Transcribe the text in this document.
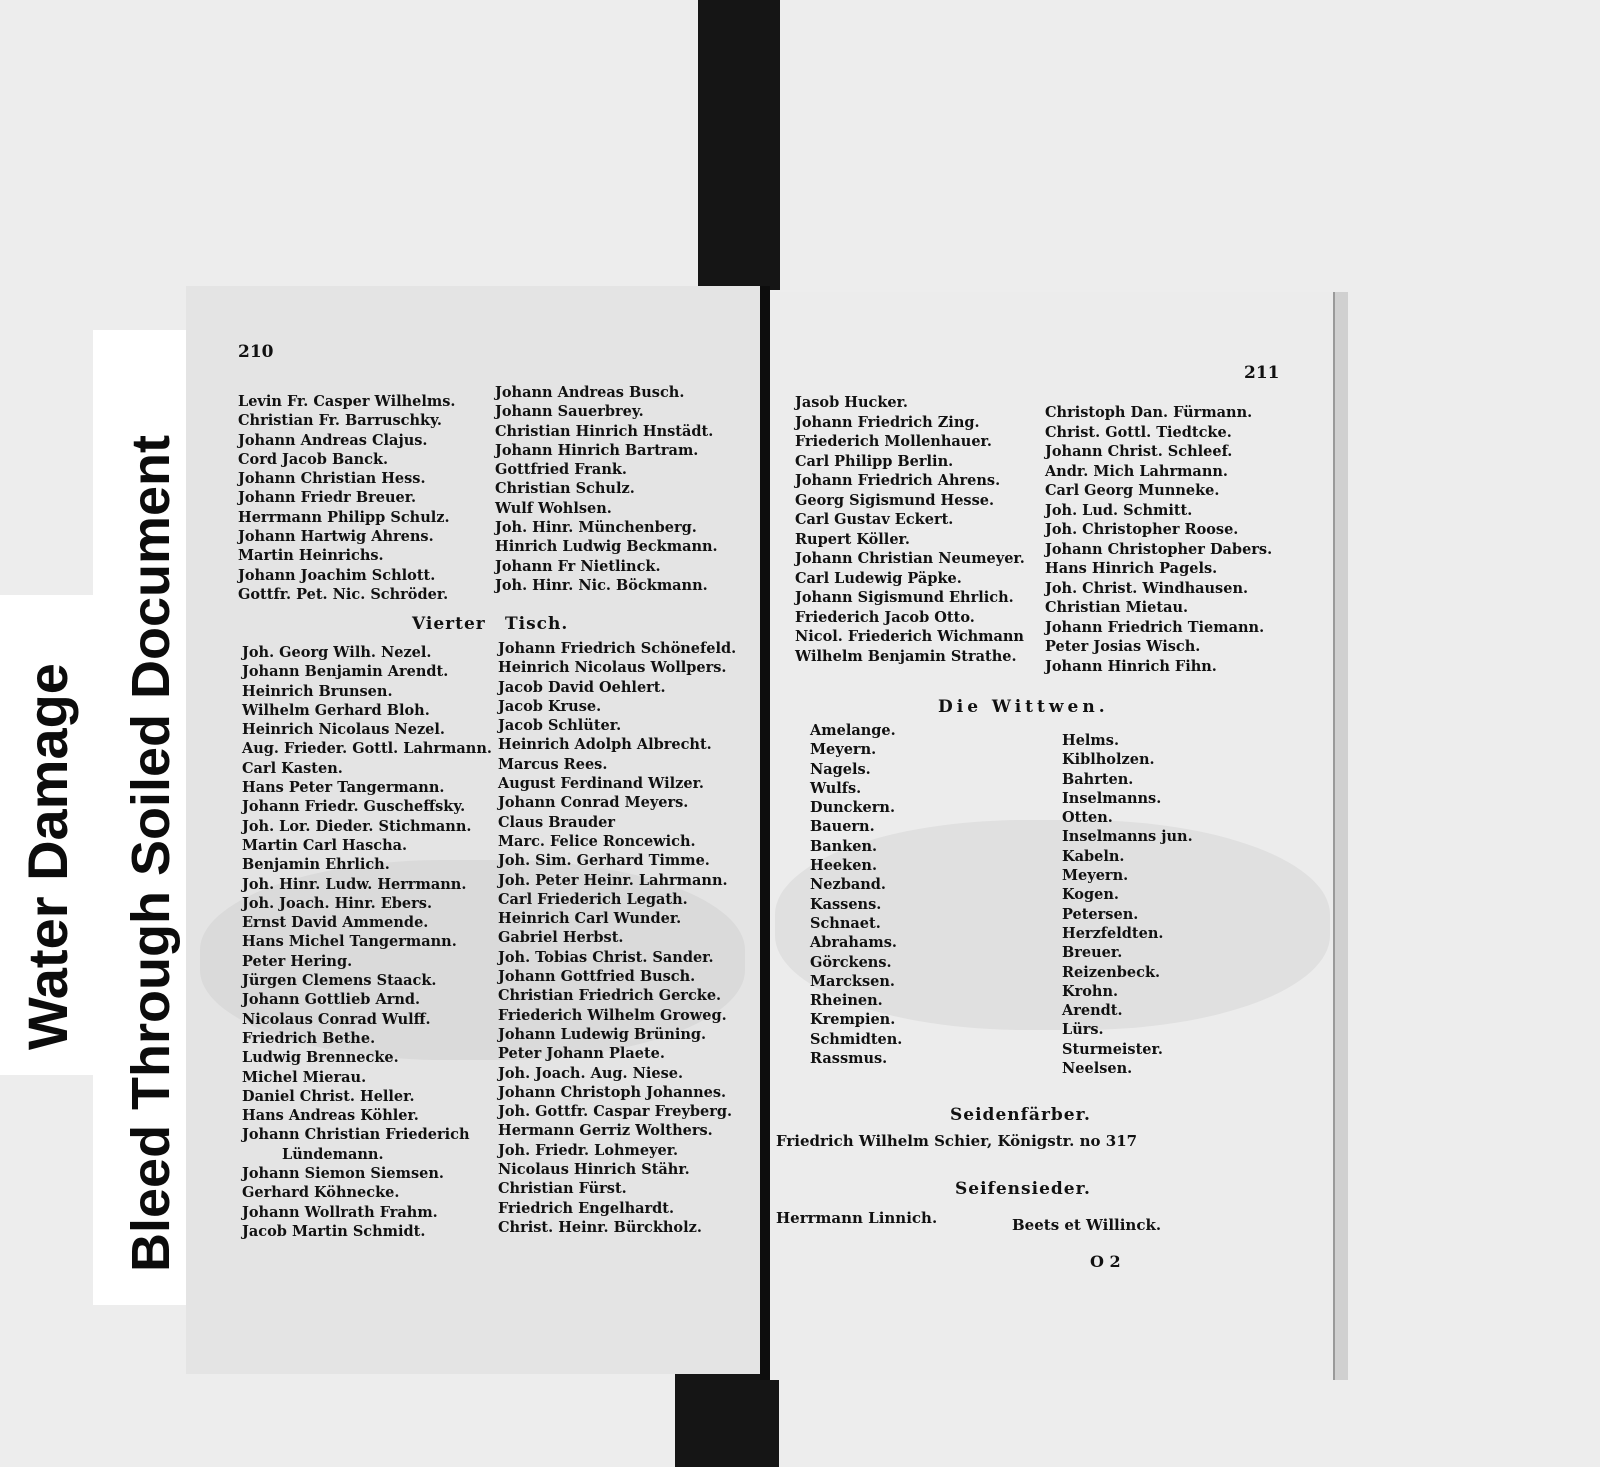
Water Damage Bleed Through Soiled Document
210
Levin Fr. Casper Wilhelms.
Christian Fr. Barruschky.
Johann Andreas Clajus.
Cord Jacob Banck.
Johann Christian Hess.
Johann Friedr Breuer.
Herrmann Philipp Schulz.
Johann Hartwig Ahrens.
Martin Heinrichs.
Johann Joachim Schlott.
Gottfr. Pet. Nic. Schröder.
Johann Andreas Busch.
Johann Sauerbrey.
Christian Hinrich Hnstädt.
Johann Hinrich Bartram.
Gottfried Frank.
Christian Schulz.
Wulf Wohlsen.
Joh. Hinr. Münchenberg.
Hinrich Ludwig Beckmann.
Johann Fr Nietlinck.
Joh. Hinr. Nic. Böckmann.
Vierter Tisch.
Joh. Georg Wilh. Nezel.
Johann Benjamin Arendt.
Heinrich Brunsen.
Wilhelm Gerhard Bloh.
Heinrich Nicolaus Nezel.
Aug. Frieder. Gottl. Lahrmann.
Carl Kasten.
Hans Peter Tangermann.
Johann Friedr. Guscheffsky.
Joh. Lor. Dieder. Stichmann.
Martin Carl Hascha.
Benjamin Ehrlich.
Joh. Hinr. Ludw. Herrmann.
Joh. Joach. Hinr. Ebers.
Ernst David Ammende.
Hans Michel Tangermann.
Peter Hering.
Jürgen Clemens Staack.
Johann Gottlieb Arnd.
Nicolaus Conrad Wulff.
Friedrich Bethe.
Ludwig Brennecke.
Michel Mierau.
Daniel Christ. Heller.
Hans Andreas Köhler.
Johann Christian Friederich
Lündemann.
Johann Siemon Siemsen.
Gerhard Köhnecke.
Johann Wollrath Frahm.
Jacob Martin Schmidt.
Johann Friedrich Schönefeld.
Heinrich Nicolaus Wollpers.
Jacob David Oehlert.
Jacob Kruse.
Jacob Schlüter.
Heinrich Adolph Albrecht.
Marcus Rees.
August Ferdinand Wilzer.
Johann Conrad Meyers.
Claus Brauder
Marc. Felice Roncewich.
Joh. Sim. Gerhard Timme.
Joh. Peter Heinr. Lahrmann.
Carl Friederich Legath.
Heinrich Carl Wunder.
Gabriel Herbst.
Joh. Tobias Christ. Sander.
Johann Gottfried Busch.
Christian Friedrich Gercke.
Friederich Wilhelm Groweg.
Johann Ludewig Brüning.
Peter Johann Plaete.
Joh. Joach. Aug. Niese.
Johann Christoph Johannes.
Joh. Gottfr. Caspar Freyberg.
Hermann Gerriz Wolthers.
Joh. Friedr. Lohmeyer.
Nicolaus Hinrich Stähr.
Christian Fürst.
Friedrich Engelhardt.
Christ. Heinr. Bürckholz.
211
Jasob Hucker.
Johann Friedrich Zing.
Friederich Mollenhauer.
Carl Philipp Berlin.
Johann Friedrich Ahrens.
Georg Sigismund Hesse.
Carl Gustav Eckert.
Rupert Köller.
Johann Christian Neumeyer.
Carl Ludewig Päpke.
Johann Sigismund Ehrlich.
Friederich Jacob Otto.
Nicol. Friederich Wichmann
Wilhelm Benjamin Strathe.
Christoph Dan. Fürmann.
Christ. Gottl. Tiedtcke.
Johann Christ. Schleef.
Andr. Mich Lahrmann.
Carl Georg Munneke.
Joh. Lud. Schmitt.
Joh. Christopher Roose.
Johann Christopher Dabers.
Hans Hinrich Pagels.
Joh. Christ. Windhausen.
Christian Mietau.
Johann Friedrich Tiemann.
Peter Josias Wisch.
Johann Hinrich Fihn.
Die Wittwen.
Amelange.
Meyern.
Nagels.
Wulfs.
Dunckern.
Bauern.
Banken.
Heeken.
Nezband.
Kassens.
Schnaet.
Abrahams.
Görckens.
Marcksen.
Rheinen.
Krempien.
Schmidten.
Rassmus.
Helms.
Kiblholzen.
Bahrten.
Inselmanns.
Otten.
Inselmanns jun.
Kabeln.
Meyern.
Kogen.
Petersen.
Herzfeldten.
Breuer.
Reizenbeck.
Krohn.
Arendt.
Lürs.
Sturmeister.
Neelsen.
Seidenfärber.
Friedrich Wilhelm Schier, Königstr. no 317
Seifensieder.
Herrmann Linnich.	Beets et Willinck.
O 2
